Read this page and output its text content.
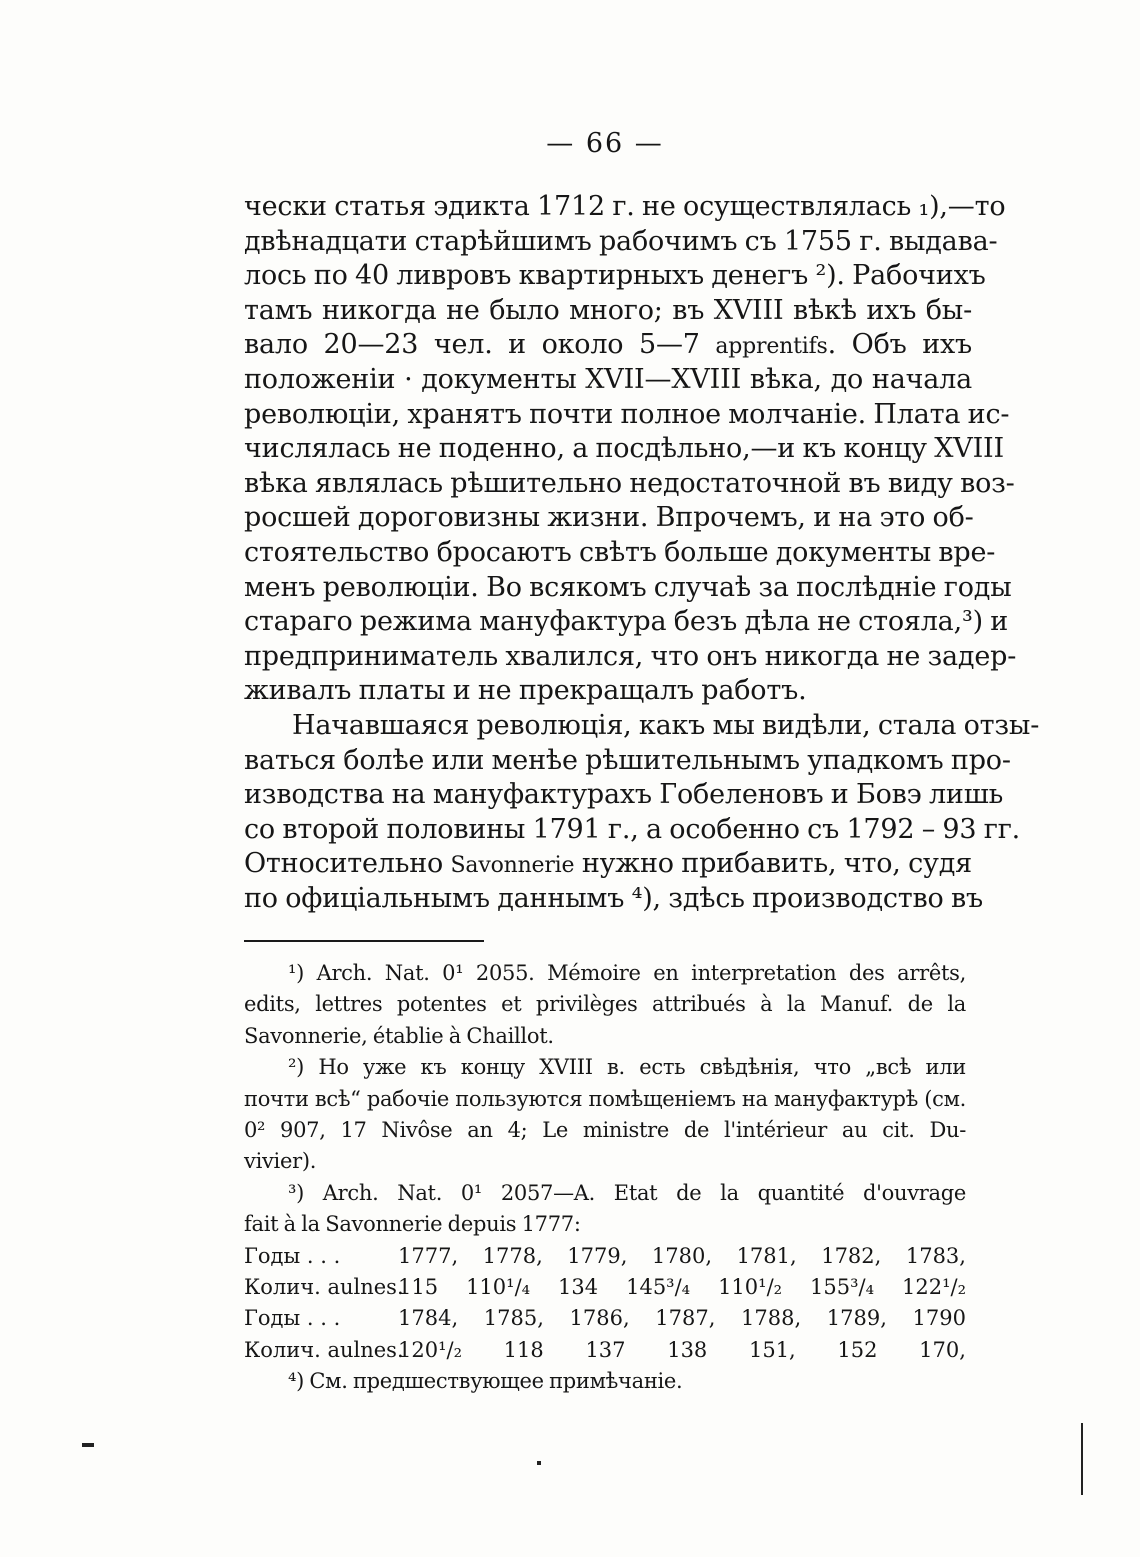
— 66 —
чески статья эдикта 1712 г. не осуществлялась ₁),—то
двѣнадцати старѣйшимъ рабочимъ съ 1755 г. выдава-
лось по 40 ливровъ квартирныхъ денегъ ²). Рабочихъ
тамъ никогда не было много; въ XVIII вѣкѣ ихъ бы-
вало 20—23 чел. и около 5—7 apprentifs. Объ ихъ
положеніи · документы XVII—XVIII вѣка, до начала
революціи, хранятъ почти полное молчаніе. Плата ис-
числялась не поденно, а посдѣльно,—и къ концу XVIII
вѣка являлась рѣшительно недостаточной въ виду воз-
росшей дороговизны жизни. Впрочемъ, и на это об-
стоятельство бросаютъ свѣтъ больше документы вре-
менъ революціи. Во всякомъ случаѣ за послѣдніе годы
стараго режима мануфактура безъ дѣла не стояла,³) и
предприниматель хвалился, что онъ никогда не задер-
живалъ платы и не прекращалъ работъ.
Начавшаяся революція, какъ мы видѣли, стала отзы-
ваться болѣе или менѣе рѣшительнымъ упадкомъ про-
изводства на мануфактурахъ Гобеленовъ и Бовэ лишь
со второй половины 1791 г., а особенно съ 1792 – 93 гг.
Относительно Savonnerie нужно прибавить, что, судя
по офиціальнымъ даннымъ ⁴), здѣсь производство въ
¹) Arch. Nat. 0¹ 2055. Mémoire en interpretation des arrêts,
edits, lettres potentes et privilèges attribués à la Manuf. de la
Savonnerie, établie à Chaillot.
²) Но уже къ концу XVIII в. есть свѣдѣнія, что „всѣ или
почти всѣ“ рабочіе пользуются помѣщеніемъ на мануфактурѣ (см.
0² 907, 17 Nivôse an 4; Le ministre de l'intérieur au cit. Du-
vivier).
³) Arch. Nat. 0¹ 2057—A. Etat de la quantité d'ouvrage
fait à la Savonnerie depuis 1777:
Годы . . .	1777, 1778, 1779, 1780, 1781, 1782, 1783,
Колич. aulnes.
115 110¹/₄ 134 145³/₄ 110¹/₂ 155³/₄ 122¹/₂
Годы . . .	1784, 1785, 1786, 1787, 1788, 1789, 1790
Колич. aulnes.
120¹/₂ 118 137 138 151, 152 170,
⁴) См. предшествующее примѣчаніе.
